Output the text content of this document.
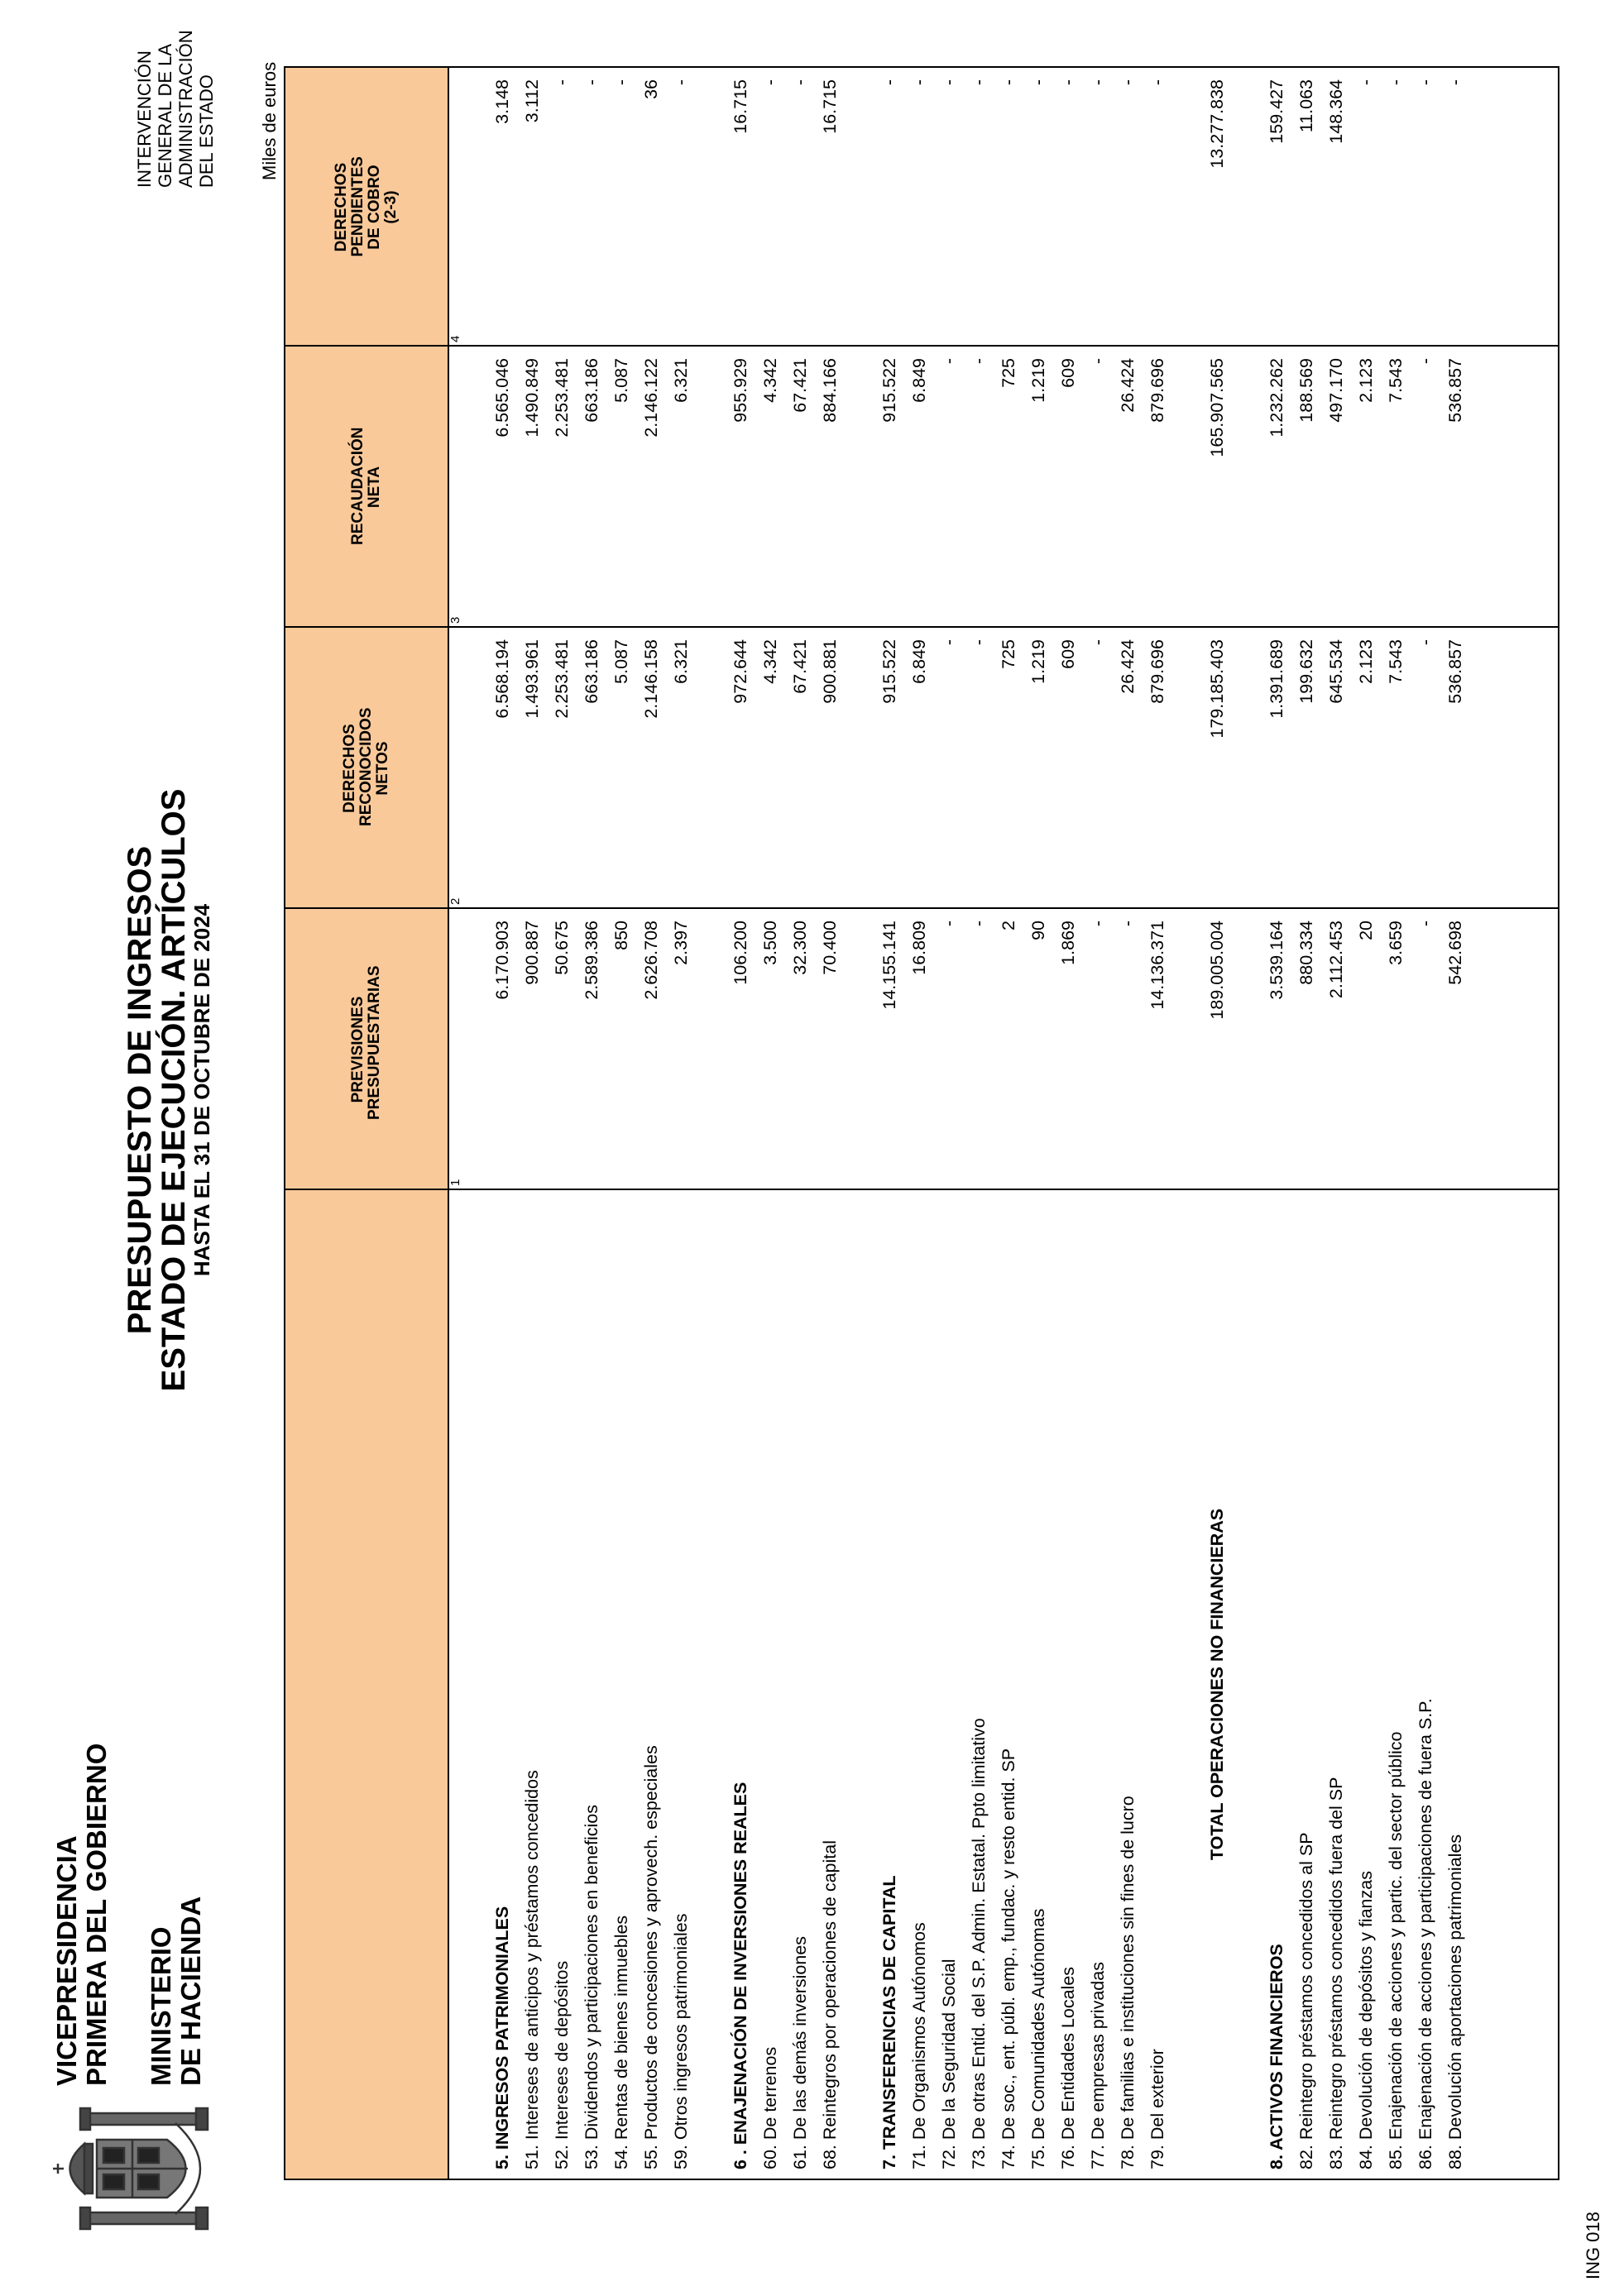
VICEPRESIDENCIA PRIMERA DEL GOBIERNO MINISTERIO DE HACIENDA
PRESUPUESTO DE INGRESOS
ESTADO DE EJECUCIÓN. ARTÍCULOS
HASTA EL 31 DE OCTUBRE DE 2024
INTERVENCIÓN GENERAL DE LA ADMINISTRACIÓN DEL ESTADO Miles de euros
PREVISIONES PRESUPUESTARIAS
1
DERECHOS RECONOCIDOS NETOS
2
RECAUDACIÓN NETA
3
DERECHOS PENDIENTES DE COBRO (2-3)
4
5. INGRESOS PATRIMONIALES
6.170.903
6.568.194
6.565.046
3.148
51. Intereses de anticipos y préstamos concedidos
900.887
1.493.961
1.490.849
3.112
52. Intereses de depósitos
50.675
2.253.481
2.253.481
-
53. Dividendos y participaciones en beneficios
2.589.386
663.186
663.186
-
54. Rentas de bienes inmuebles
850
5.087
5.087
-
55. Productos de concesiones y aprovech. especiales
2.626.708
2.146.158
2.146.122
36
59. Otros ingresos patrimoniales
2.397
6.321
6.321
-
6 . ENAJENACIÓN DE INVERSIONES REALES
106.200
972.644
955.929
16.715
60. De terrenos
3.500
4.342
4.342
-
61. De las demás inversiones
32.300
67.421
67.421
-
68. Reintegros por operaciones de capital
70.400
900.881
884.166
16.715
7. TRANSFERENCIAS DE CAPITAL
14.155.141
915.522
915.522
-
71. De Organismos Autónomos
16.809
6.849
6.849
-
72. De la Seguridad Social
-
-
-
-
73. De otras Entid. del S.P. Admin. Estatal. Ppto limitativo
-
-
-
-
74. De soc., ent. públ. emp., fundac. y resto entid. SP
2
725
725
-
75. De Comunidades Autónomas
90
1.219
1.219
-
76. De Entidades Locales
1.869
609
609
-
77. De empresas privadas
-
-
-
-
78. De familias e instituciones sin fines de lucro
-
26.424
26.424
-
79. Del exterior
14.136.371
879.696
879.696
-
TOTAL OPERACIONES NO FINANCIERAS
189.005.004
179.185.403
165.907.565
13.277.838
8. ACTIVOS FINANCIEROS
3.539.164
1.391.689
1.232.262
159.427
82. Reintegro préstamos concedidos al SP
880.334
199.632
188.569
11.063
83. Reintegro préstamos concedidos fuera del SP
2.112.453
645.534
497.170
148.364
84. Devolución de depósitos y fianzas
20
2.123
2.123
-
85. Enajenación de acciones y partic. del sector público
3.659
7.543
7.543
-
86. Enajenación de acciones y participaciones de fuera S.P.
-
-
-
-
88. Devolución aportaciones patrimoniales
542.698
536.857
536.857
-
ING 018
